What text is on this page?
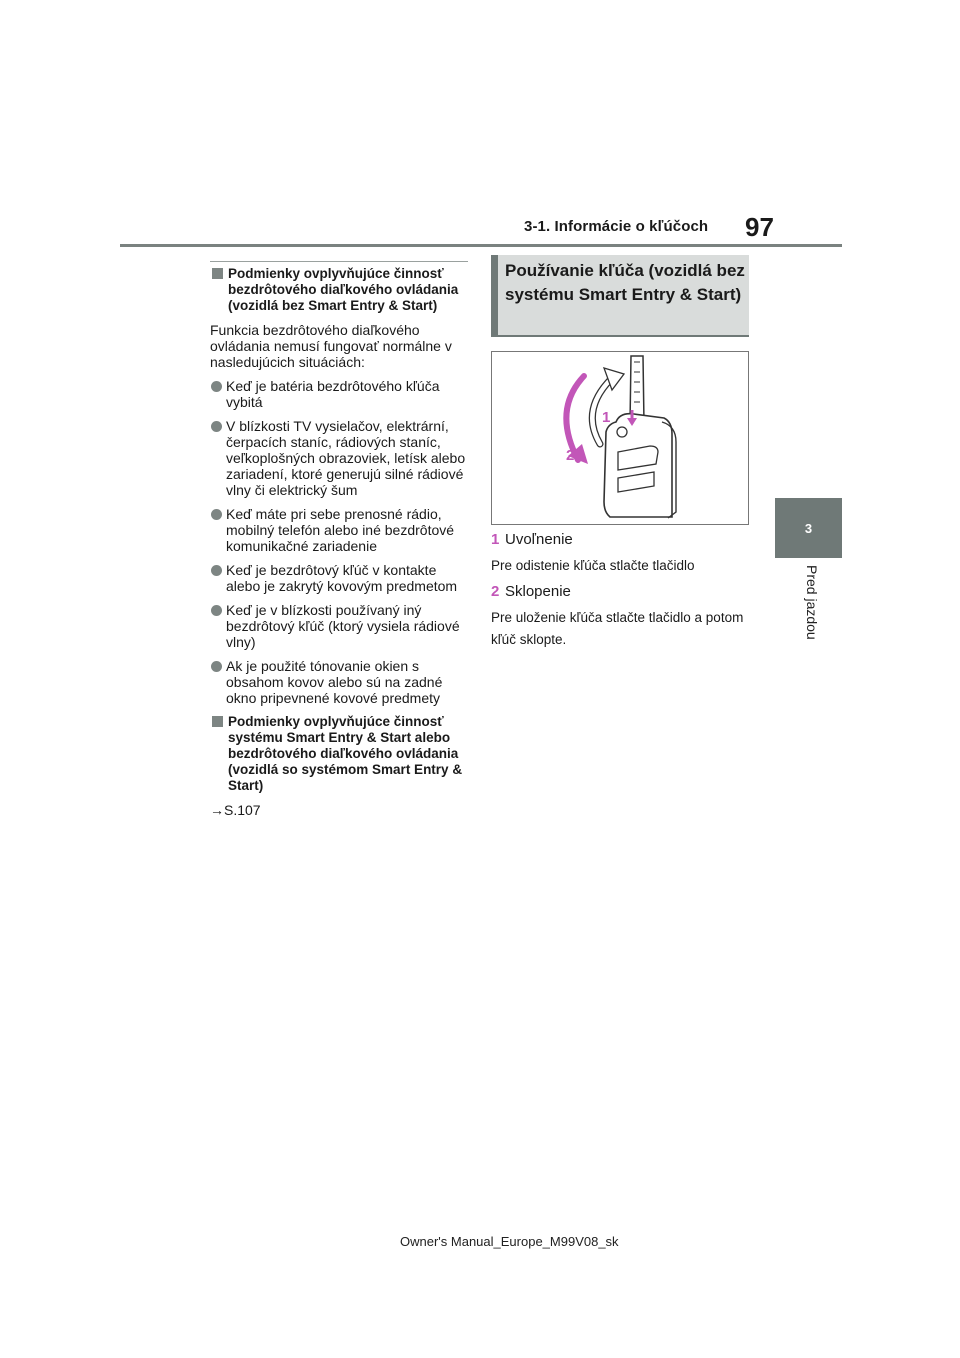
3-1. Informácie o kľúčoch 97
3
Pred jazdou
Podmienky ovplyvňujúce činnosť bezdrôtového diaľkového ovládania (vozidlá bez Smart Entry & Start)

Funkcia bezdrôtového diaľkového ovládania nemusí fungovať normálne v nasledujúcich situáciách:

Keď je batéria bezdrôtového kľúča vybitá
V blízkosti TV vysielačov, elektrární, čerpacích staníc, rádiových staníc, veľkoplošných obrazoviek, letísk alebo zariadení, ktoré generujú silné rádiové vlny či elektrický šum
Keď máte pri sebe prenosné rádio, mobilný telefón alebo iné bezdrôtové komunikačné zariadenie
Keď je bezdrôtový kľúč v kontakte alebo je zakrytý kovovým predmetom
Keď je v blízkosti používaný iný bezdrôtový kľúč (ktorý vysiela rádiové vlny)
Ak je použité tónovanie okien s obsahom kovov alebo sú na zadné okno pripevnené kovové predmety
Podmienky ovplyvňujúce činnosť systému Smart Entry & Start alebo bezdrôtového diaľkového ovládania (vozidlá so systémom Smart Entry & Start)
→S.107
Používanie kľúča (vozidlá bez systému Smart Entry & Start)
1
2
1 Uvoľnenie
Pre odistenie kľúča stlačte tlačidlo
2 Sklopenie
Pre uloženie kľúča stlačte tlačidlo a potom kľúč sklopte.
Owner's Manual_Europe_M99V08_sk
